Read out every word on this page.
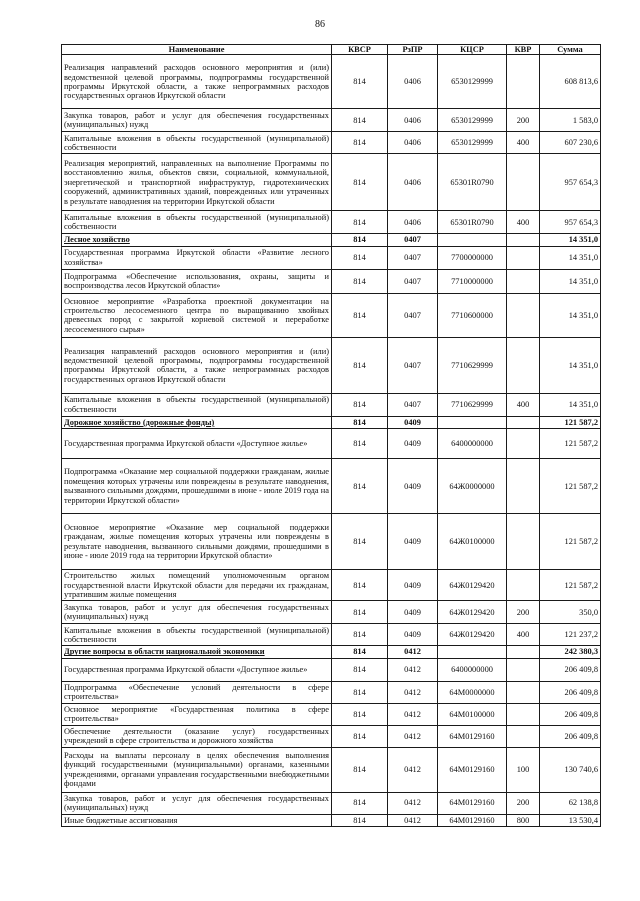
86
Наименование	КВСР	РзПР	КЦСР	КВР	Сумма
Реализация направлений расходов основного мероприятия и (или) ведомственной целевой программы, подпрограммы государственной программы Иркутской области, а также непрограммных расходов государственных органов Иркутской области	814	0406	6530129999		608 813,6
Закупка товаров, работ и услуг для обеспечения государственных (муниципальных) нужд	814	0406	6530129999	200	1 583,0
Капитальные вложения в объекты государственной (муниципальной) собственности	814	0406	6530129999	400	607 230,6
Реализация мероприятий, направленных на выполнение Программы по восстановлению жилья, объектов связи, социальной, коммунальной, энергетической и транспортной инфраструктур, гидротехнических сооружений, административных зданий, поврежденных или утраченных в результате наводнения на территории Иркутской области	814	0406	65301R0790		957 654,3
Капитальные вложения в объекты государственной (муниципальной) собственности	814	0406	65301R0790	400	957 654,3
Лесное хозяйство	814	0407			14 351,0
Государственная программа Иркутской области «Развитие лесного хозяйства»	814	0407	7700000000		14 351,0
Подпрограмма «Обеспечение использования, охраны, защиты и воспроизводства лесов Иркутской области»	814	0407	7710000000		14 351,0
Основное мероприятие «Разработка проектной документации на строительство лесосеменного центра по выращиванию хвойных древесных пород с закрытой корневой системой и переработке лесосеменного сырья»	814	0407	7710600000		14 351,0
Реализация направлений расходов основного мероприятия и (или) ведомственной целевой программы, подпрограммы государственной программы Иркутской области, а также непрограммных расходов государственных органов Иркутской области	814	0407	7710629999		14 351,0
Капитальные вложения в объекты государственной (муниципальной) собственности	814	0407	7710629999	400	14 351,0
Дорожное хозяйство (дорожные фонды)	814	0409			121 587,2
Государственная программа Иркутской области «Доступное жилье»	814	0409	6400000000		121 587,2
Подпрограмма «Оказание мер социальной поддержки гражданам, жилые помещения которых утрачены или повреждены в результате наводнения, вызванного сильными дождями, прошедшими в июне - июле 2019 года на территории Иркутской области»	814	0409	64Ж0000000		121 587,2
Основное мероприятие «Оказание мер социальной поддержки гражданам, жилые помещения которых утрачены или повреждены в результате наводнения, вызванного сильными дождями, прошедшими в июне - июле 2019 года на территории Иркутской области»	814	0409	64Ж0100000		121 587,2
Строительство жилых помещений уполномоченным органом государственной власти Иркутской области для передачи их гражданам, утратившим жилые помещения	814	0409	64Ж0129420		121 587,2
Закупка товаров, работ и услуг для обеспечения государственных (муниципальных) нужд	814	0409	64Ж0129420	200	350,0
Капитальные вложения в объекты государственной (муниципальной) собственности	814	0409	64Ж0129420	400	121 237,2
Другие вопросы в области национальной экономики	814	0412			242 380,3
Государственная программа Иркутской области «Доступное жилье»	814	0412	6400000000		206 409,8
Подпрограмма «Обеспечение условий деятельности в сфере строительства»	814	0412	64М0000000		206 409,8
Основное мероприятие «Государственная политика в сфере строительства»	814	0412	64М0100000		206 409,8
Обеспечение деятельности (оказание услуг) государственных учреждений в сфере строительства и дорожного хозяйства	814	0412	64М0129160		206 409,8
Расходы на выплаты персоналу в целях обеспечения выполнения функций государственными (муниципальными) органами, казенными учреждениями, органами управления государственными внебюджетными фондами	814	0412	64М0129160	100	130 740,6
Закупка товаров, работ и услуг для обеспечения государственных (муниципальных) нужд	814	0412	64М0129160	200	62 138,8
Иные бюджетные ассигнования	814	0412	64М0129160	800	13 530,4
